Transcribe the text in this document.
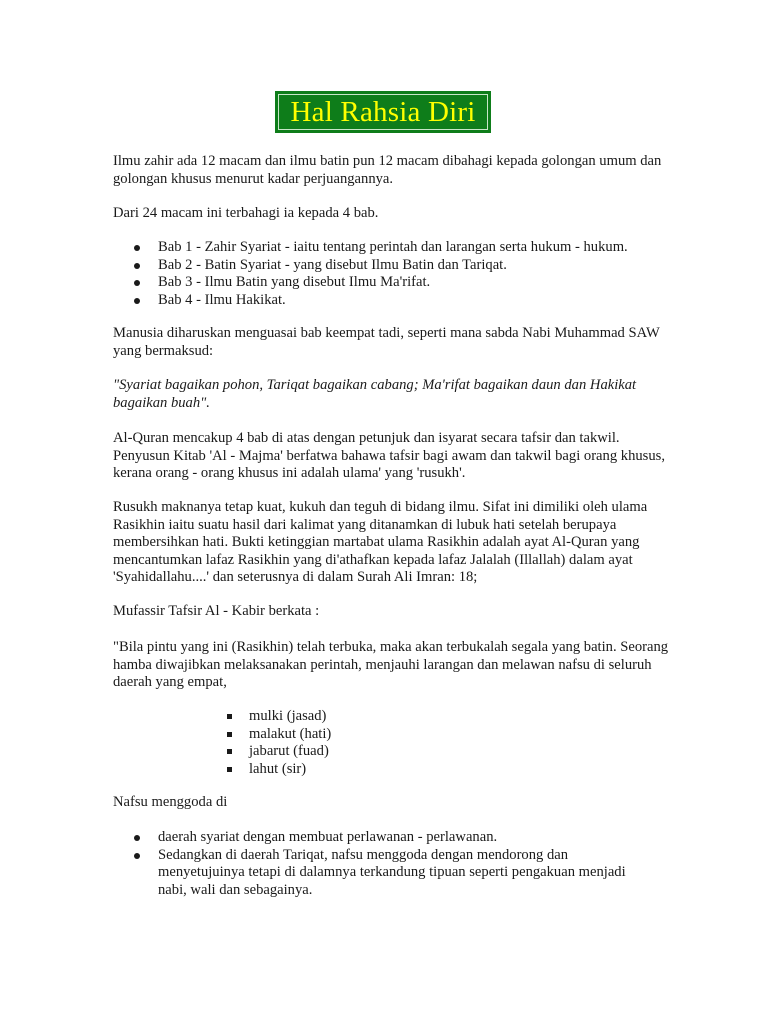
Hal Rahsia Diri

Ilmu zahir ada 12 macam dan ilmu batin pun 12 macam dibahagi kepada golongan umum dan golongan khusus menurut kadar perjuangannya.

Dari 24 macam ini terbahagi ia kepada 4 bab.

Bab 1 - Zahir Syariat - iaitu tentang perintah dan larangan serta hukum - hukum.
Bab 2 - Batin Syariat - yang disebut Ilmu Batin dan Tariqat.
Bab 3 - Ilmu Batin yang disebut Ilmu Ma'rifat.
Bab 4 - Ilmu Hakikat.

Manusia diharuskan menguasai bab keempat tadi, seperti mana sabda Nabi Muhammad SAW yang bermaksud:

"Syariat bagaikan pohon, Tariqat bagaikan cabang; Ma'rifat bagaikan daun dan Hakikat bagaikan buah".

Al-Quran mencakup 4 bab di atas dengan petunjuk dan isyarat secara tafsir dan takwil. Penyusun Kitab 'Al - Majma' berfatwa bahawa tafsir bagi awam dan takwil bagi orang khusus, kerana orang - orang khusus ini adalah ulama' yang 'rusukh'.

Rusukh maknanya tetap kuat, kukuh dan teguh di bidang ilmu. Sifat ini dimiliki oleh ulama Rasikhin iaitu suatu hasil dari kalimat yang ditanamkan di lubuk hati setelah berupaya membersihkan hati. Bukti ketinggian martabat ulama Rasikhin adalah ayat Al-Quran yang mencantumkan lafaz Rasikhin yang di'athafkan kepada lafaz Jalalah (Illallah) dalam ayat 'Syahidallahu....' dan seterusnya di dalam Surah Ali Imran: 18;

Mufassir Tafsir Al - Kabir berkata :

"Bila pintu yang ini (Rasikhin) telah terbuka, maka akan terbukalah segala yang batin. Seorang hamba diwajibkan melaksanakan perintah, menjauhi larangan dan melawan nafsu di seluruh daerah yang empat,

mulki (jasad)
malakut (hati)
jabarut (fuad)
lahut (sir)

Nafsu menggoda di

daerah syariat dengan membuat perlawanan - perlawanan.
Sedangkan di daerah Tariqat, nafsu menggoda dengan mendorong dan menyetujuinya tetapi di dalamnya terkandung tipuan seperti pengakuan menjadi nabi, wali dan sebagainya.
